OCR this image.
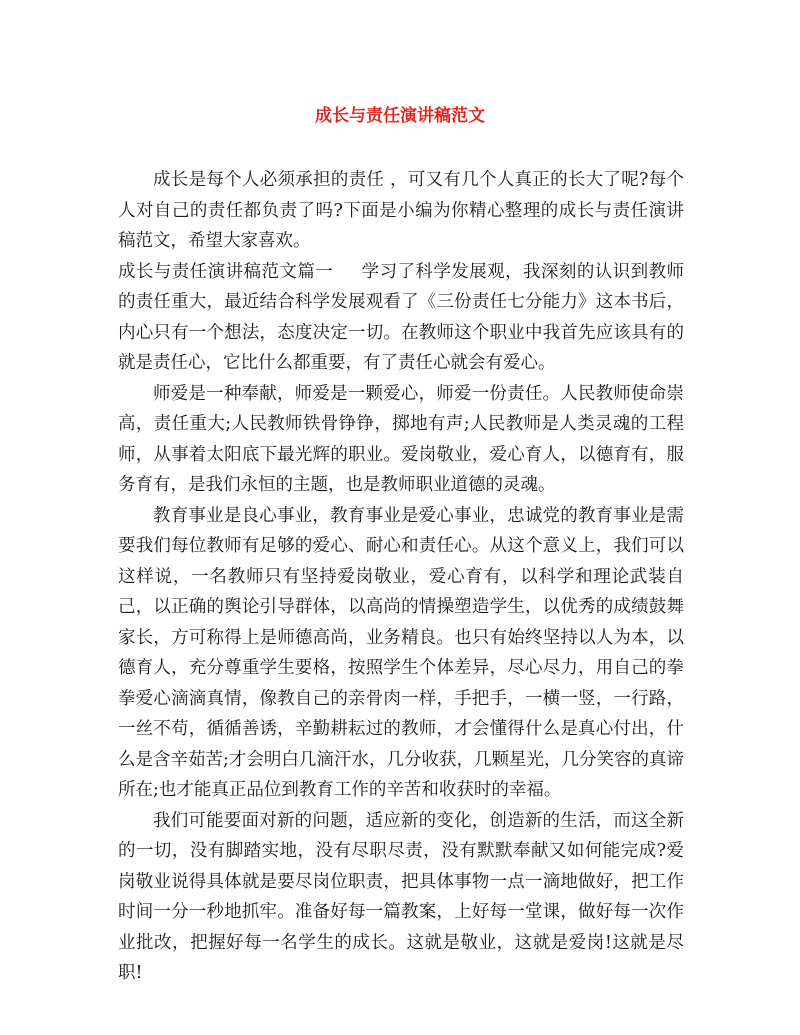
成长与责任演讲稿范文

成长是每个人必须承担的责任 ，可又有几个人真正的长大了呢?每个人对自己的责任都负责了吗?下面是小编为你精心整理的成长与责任演讲稿范文，希望大家喜欢。

成长与责任演讲稿范文篇一 学习了科学发展观，我深刻的认识到教师的责任重大，最近结合科学发展观看了《三份责任七分能力》这本书后，内心只有一个想法，态度决定一切。在教师这个职业中我首先应该具有的就是责任心，它比什么都重要，有了责任心就会有爱心。

师爱是一种奉献，师爱是一颗爱心，师爱一份责任。人民教师使命崇高，责任重大;人民教师铁骨铮铮，掷地有声;人民教师是人类灵魂的工程师，从事着太阳底下最光辉的职业。爱岗敬业，爱心育人，以德育有，服务育有，是我们永恒的主题，也是教师职业道德的灵魂。

教育事业是良心事业，教育事业是爱心事业，忠诚党的教育事业是需要我们每位教师有足够的爱心、耐心和责任心。从这个意义上，我们可以这样说，一名教师只有坚持爱岗敬业，爱心育有，以科学和理论武装自己，以正确的舆论引导群体，以高尚的情操塑造学生，以优秀的成绩鼓舞家长，方可称得上是师德高尚，业务精良。也只有始终坚持以人为本，以德育人，充分尊重学生要格，按照学生个体差异，尽心尽力，用自己的拳拳爱心滴滴真情，像教自己的亲骨肉一样，手把手，一横一竖，一行路，一丝不苟，循循善诱，辛勤耕耘过的教师，才会懂得什么是真心付出，什么是含辛茹苦;才会明白几滴汗水，几分收获，几颗星光，几分笑容的真谛所在;也才能真正品位到教育工作的辛苦和收获时的幸福。

我们可能要面对新的问题，适应新的变化，创造新的生活，而这全新的一切，没有脚踏实地，没有尽职尽责，没有默默奉献又如何能完成?爱岗敬业说得具体就是要尽岗位职责，把具体事物一点一滴地做好，把工作时间一分一秒地抓牢。准备好每一篇教案，上好每一堂课，做好每一次作业批改，把握好每一名学生的成长。这就是敬业，这就是爱岗!这就是尽职!
